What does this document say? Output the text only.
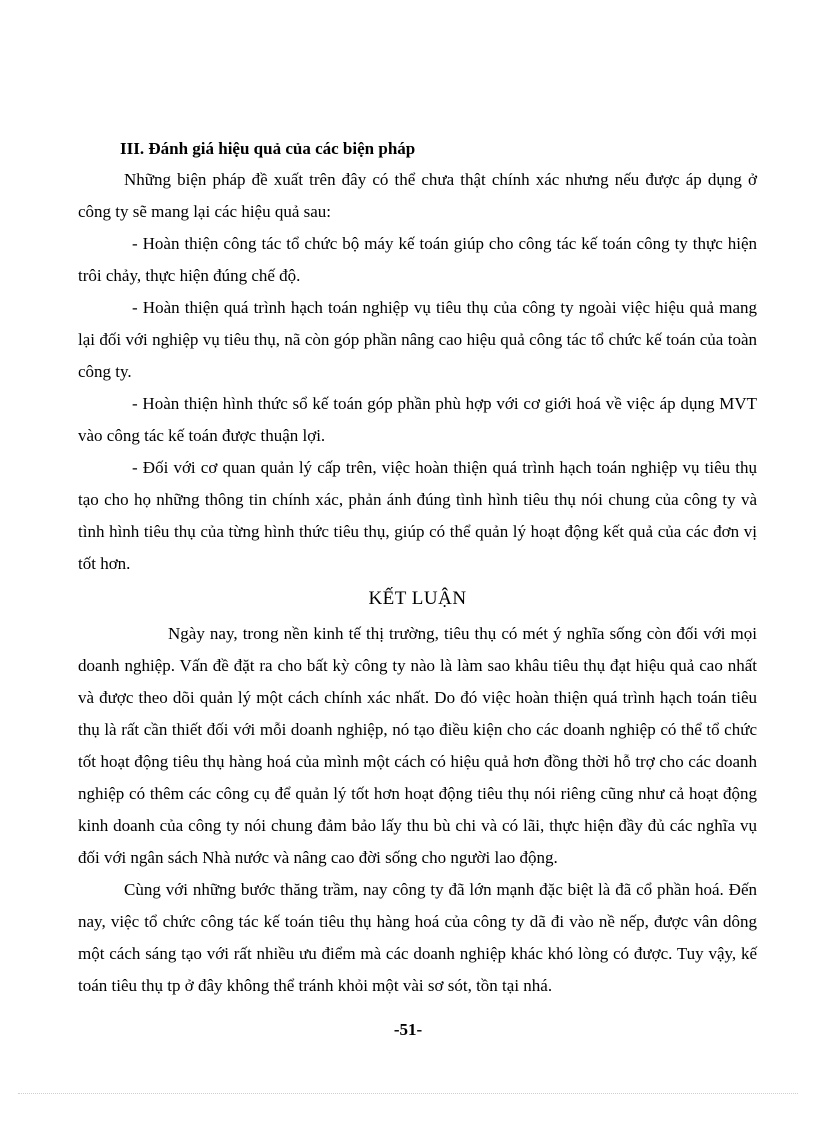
III. Đánh giá hiệu quả của các biện pháp

Những biện pháp đề xuất trên đây có thể chưa thật chính xác nhưng nếu được áp dụng ở công ty sẽ mang lại các hiệu quả sau:

- Hoàn thiện công tác tổ chức bộ máy kế toán giúp cho công tác kế toán công ty thực hiện trôi chảy, thực hiện đúng chế độ.

- Hoàn thiện quá trình hạch toán nghiệp vụ tiêu thụ của công ty ngoài việc hiệu quả mang lại đối với nghiệp vụ tiêu thụ, nã còn góp phần nâng cao hiệu quả công tác tổ chức kế toán của toàn công ty.

- Hoàn thiện hình thức sổ kế toán góp phần phù hợp với cơ giới hoá về việc áp dụng MVT vào công tác kế toán được thuận lợi.

- Đối với cơ quan quản lý cấp trên, việc hoàn thiện quá trình hạch toán nghiệp vụ tiêu thụ tạo cho họ những thông tin chính xác, phản ánh đúng tình hình tiêu thụ nói chung của công ty và tình hình tiêu thụ của từng hình thức tiêu thụ, giúp có thể quản lý hoạt động kết quả của các đơn vị tốt hơn.

KẾT LUẬN

Ngày nay, trong nền kinh tế thị trường, tiêu thụ có mét ý nghĩa sống còn đối với mọi doanh nghiệp. Vấn đề đặt ra cho bất kỳ công ty nào là làm sao khâu tiêu thụ đạt hiệu quả cao nhất và được theo dõi quản lý một cách chính xác nhất. Do đó việc hoàn thiện quá trình hạch toán tiêu thụ là rất cần thiết đối với mỗi doanh nghiệp, nó tạo điều kiện cho các doanh nghiệp có thể tổ chức tốt hoạt động tiêu thụ hàng hoá của mình một cách có hiệu quả hơn đồng thời hỗ trợ cho các doanh nghiệp có thêm các công cụ để quản lý tốt hơn hoạt động tiêu thụ nói riêng cũng như cả hoạt động kinh doanh của công ty nói chung đảm bảo lấy thu bù chi và có lãi, thực hiện đầy đủ các nghĩa vụ đối với ngân sách Nhà nước và nâng cao đời sống cho người lao động.

Cùng với những bước thăng trầm, nay công ty đã lớn mạnh đặc biệt là đã cổ phần hoá. Đến nay, việc tổ chức công tác kế toán tiêu thụ hàng hoá của công ty dã đi vào nề nếp, được vân dông một cách sáng tạo với rất nhiều ưu điểm mà các doanh nghiệp khác khó lòng có được. Tuy vậy, kế toán tiêu thụ tp ở đây không thể tránh khỏi một vài sơ sót, tồn tại nhá.

-51-
